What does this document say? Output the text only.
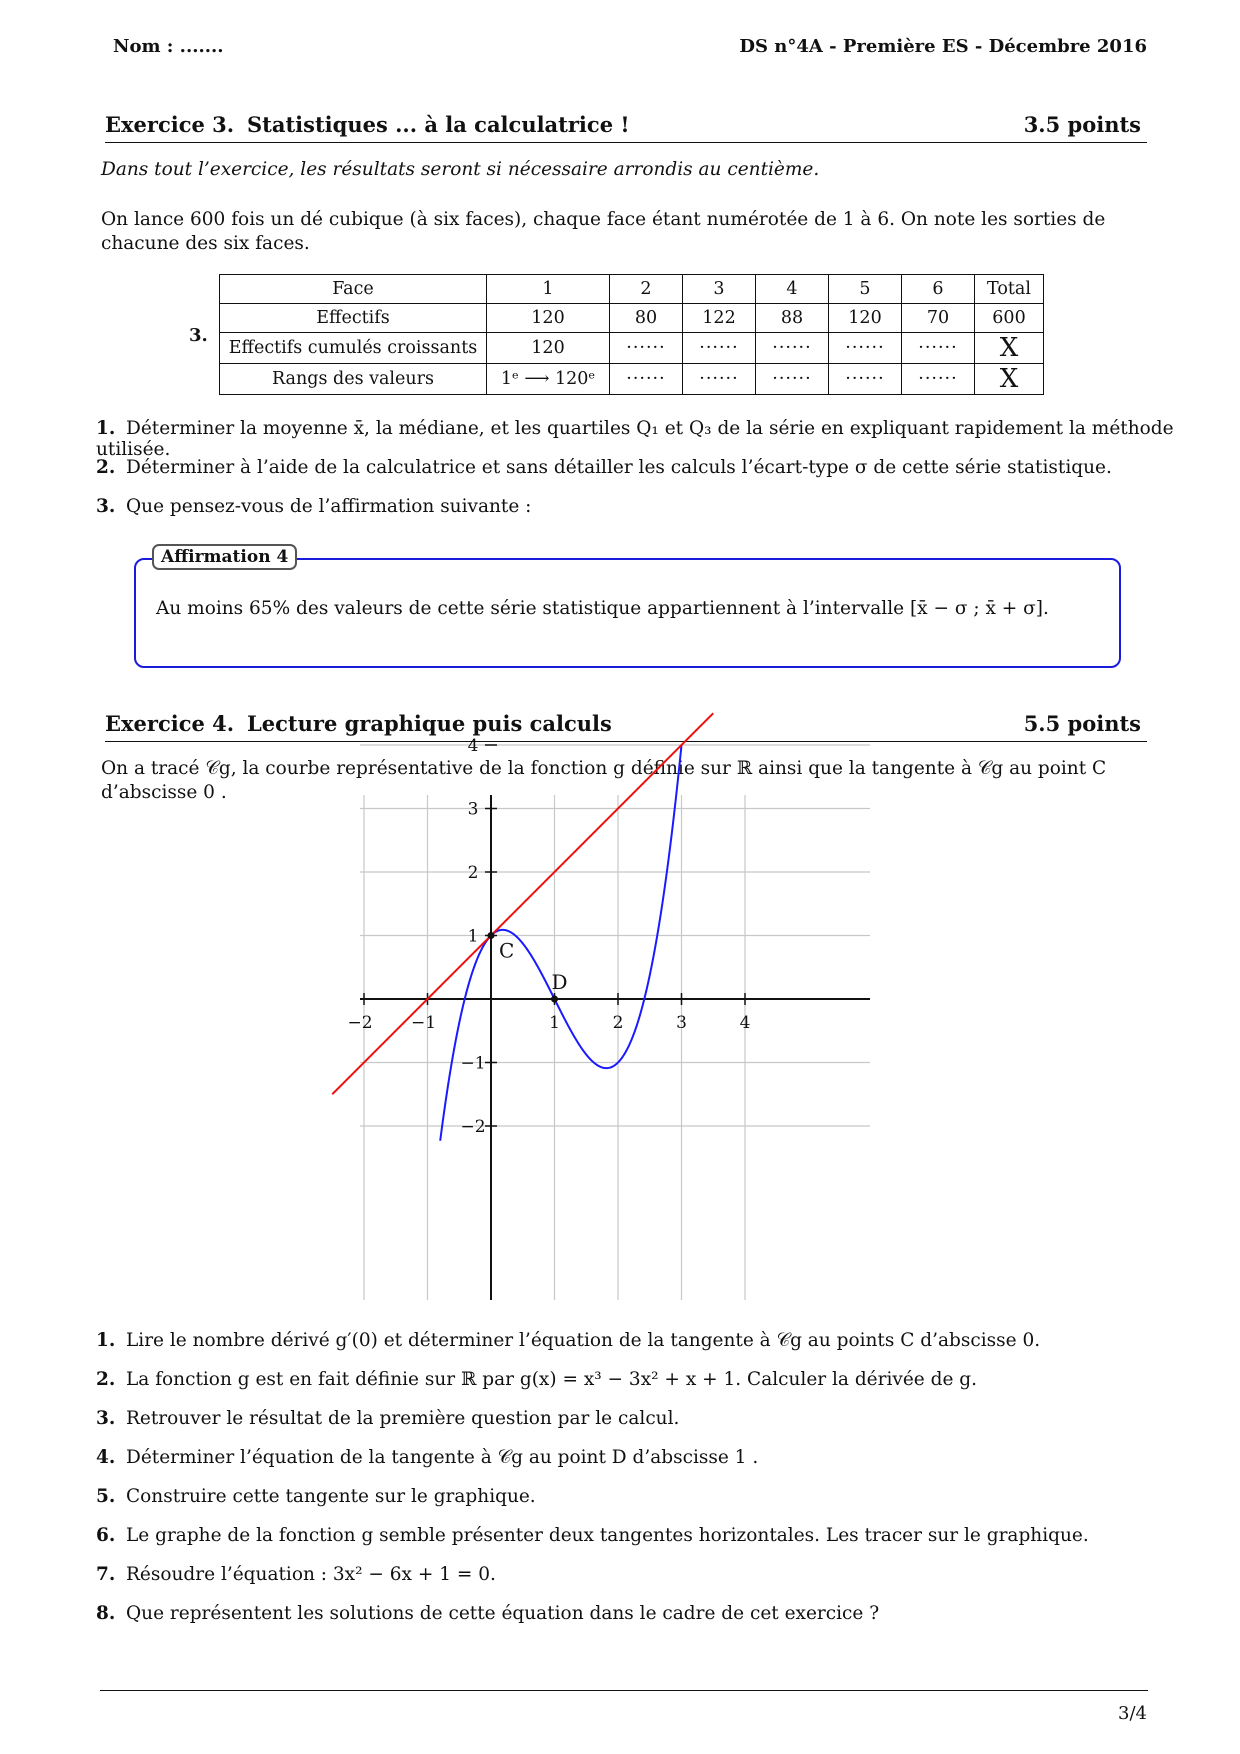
Nom : .......	DS n°4A - Première ES - Décembre 2016
Exercice 3. Statistiques ... à la calculatrice !	3.5 points
Dans tout l’exercice, les résultats seront si nécessaire arrondis au centième.
On lance 600 fois un dé cubique (à six faces), chaque face étant numérotée de 1 à 6. On note les sorties de chacune des six faces.
3.
Face	1	2	3	4	5	6	Total
Effectifs	120	80	122	88	120	70	600
Effectifs cumulés croissants	120	······	······	······	······	······	X
Rangs des valeurs	1ᵉ ⟶ 120ᵉ	······	······	······	······	······	X
1. Déterminer la moyenne x̄, la médiane, et les quartiles Q₁ et Q₃ de la série en expliquant rapidement la méthode utilisée.
2. Déterminer à l’aide de la calculatrice et sans détailler les calculs l’écart-type σ de cette série statistique.
3. Que pensez-vous de l’affirmation suivante :
Affirmation 4
Au moins 65% des valeurs de cette série statistique appartiennent à l’intervalle [x̄ − σ ; x̄ + σ].
Exercice 4. Lecture graphique puis calculs	5.5 points
On a tracé 𝒞g, la courbe représentative de la fonction g définie sur ℝ ainsi que la tangente à 𝒞g au point C d’abscisse 0 .
−2
−2
−1
−1
1
1
2
2
3
3
4
4
C
D
1. Lire le nombre dérivé g′(0) et déterminer l’équation de la tangente à 𝒞g au points C d’abscisse 0.
2. La fonction g est en fait définie sur ℝ par g(x) = x³ − 3x² + x + 1. Calculer la dérivée de g.
3. Retrouver le résultat de la première question par le calcul.
4. Déterminer l’équation de la tangente à 𝒞g au point D d’abscisse 1 .
5. Construire cette tangente sur le graphique.
6. Le graphe de la fonction g semble présenter deux tangentes horizontales. Les tracer sur le graphique.
7. Résoudre l’équation : 3x² − 6x + 1 = 0.
8. Que représentent les solutions de cette équation dans le cadre de cet exercice ?
3/4
